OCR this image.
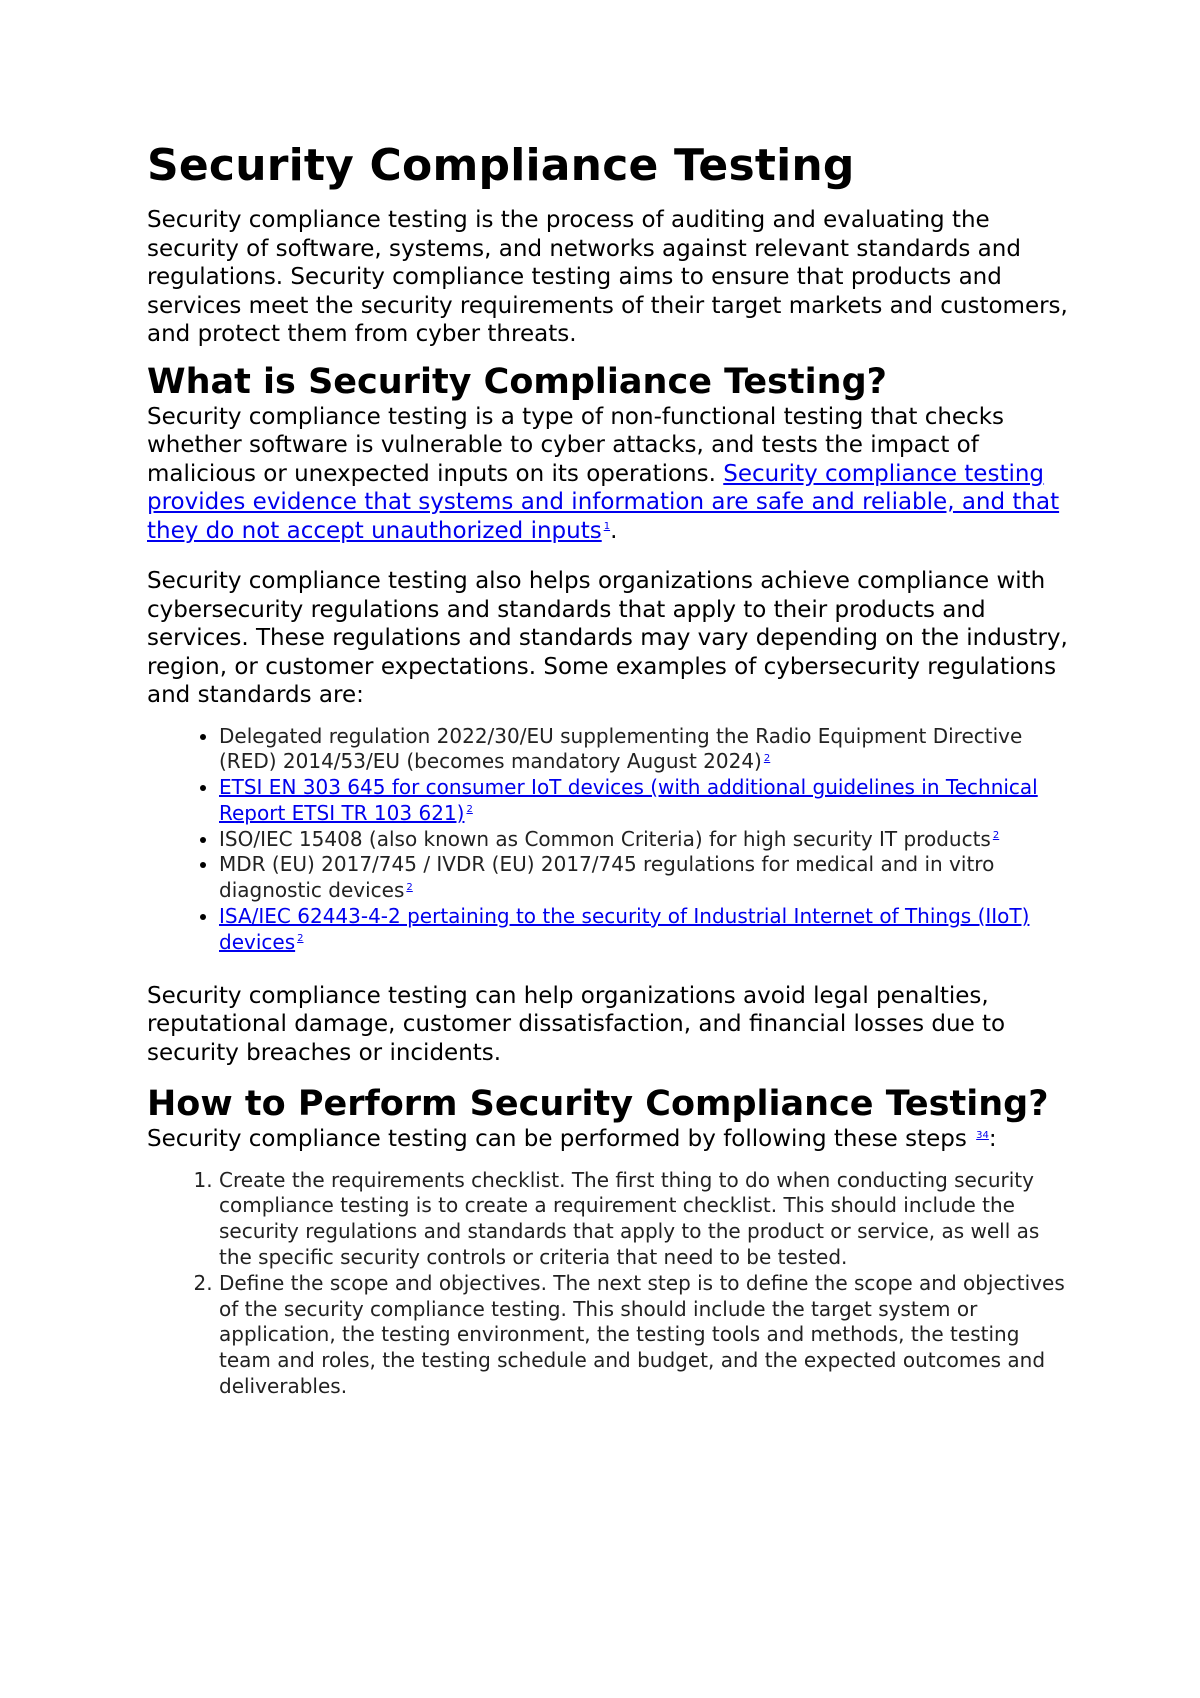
Security Compliance Testing

Security compliance testing is the process of auditing and evaluating the security of software, systems, and networks against relevant standards and regulations. Security compliance testing aims to ensure that products and services meet the security requirements of their target markets and customers, and protect them from cyber threats.

What is Security Compliance Testing?

Security compliance testing is a type of non-functional testing that checks whether software is vulnerable to cyber attacks, and tests the impact of malicious or unexpected inputs on its operations. Security compliance testing provides evidence that systems and information are safe and reliable, and that they do not accept unauthorized inputs $^1$.

Security compliance testing also helps organizations achieve compliance with cybersecurity regulations and standards that apply to their products and services. These regulations and standards may vary depending on the industry, region, or customer expectations. Some examples of cybersecurity regulations and standards are:

• Delegated regulation 2022/30/EU supplementing the Radio Equipment Directive (RED) 2014/53/EU (becomes mandatory August 2024) $^2$
• ETSI EN 303 645 for consumer IoT devices (with additional guidelines in Technical Report ETSI TR 103 621) $^2$
• ISO/IEC 15408 (also known as Common Criteria) for high security IT products $^2$
• MDR (EU) 2017/745 / IVDR (EU) 2017/745 regulations for medical and in vitro diagnostic devices $^2$
• ISA/IEC 62443-4-2 pertaining to the security of Industrial Internet of Things (IIoT) devices $^2$

Security compliance testing can help organizations avoid legal penalties, reputational damage, customer dissatisfaction, and financial losses due to security breaches or incidents.

How to Perform Security Compliance Testing?

Security compliance testing can be performed by following these steps $^{34}$:

1. Create the requirements checklist. The first thing to do when conducting security compliance testing is to create a requirement checklist. This should include the security regulations and standards that apply to the product or service, as well as the specific security controls or criteria that need to be tested.
2. Define the scope and objectives. The next step is to define the scope and objectives of the security compliance testing. This should include the target system or application, the testing environment, the testing tools and methods, the testing team and roles, the testing schedule and budget, and the expected outcomes and deliverables.
